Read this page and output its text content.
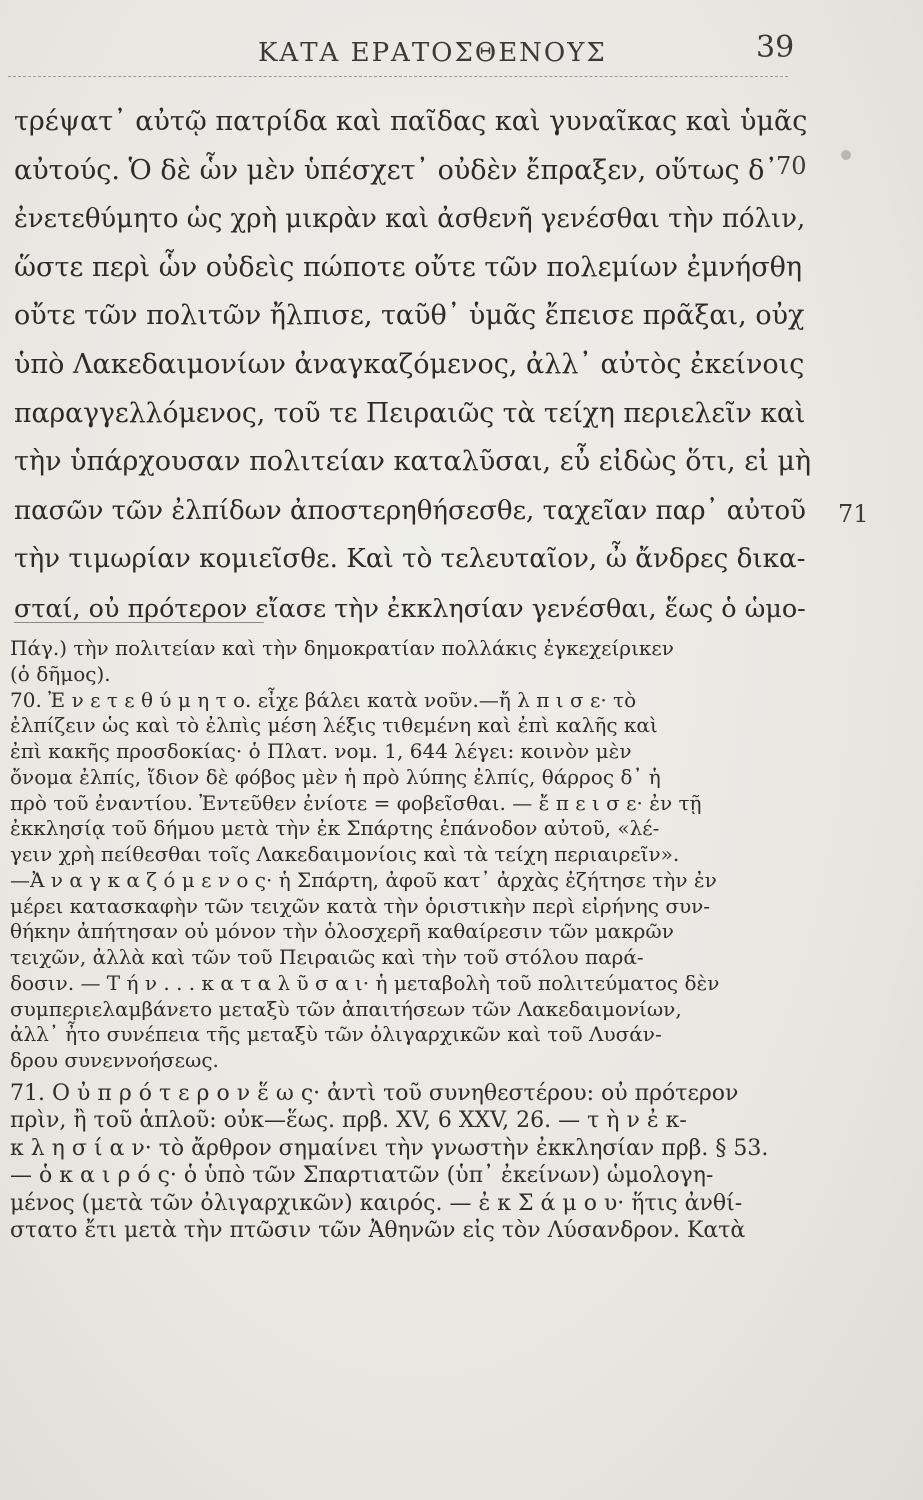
ΚΑΤΑ ΕΡΑΤΟΣΘΕΝΟΥΣ	39
τρέψατ᾽ αὐτῷ πατρίδα καὶ παῖδας καὶ γυναῖκας καὶ ὑμᾶς
αὐτούς. Ὁ δὲ ὧν μὲν ὑπέσχετ᾽ οὐδὲν ἔπραξεν, οὕτως δ᾽
ἐνετεθύμητο ὡς χρὴ μικρὰν καὶ ἀσθενῆ γενέσθαι τὴν πόλιν,
ὥστε περὶ ὧν οὐδεὶς πώποτε οὔτε τῶν πολεμίων ἐμνήσθη
οὔτε τῶν πολιτῶν ἤλπισε, ταῦθ᾽ ὑμᾶς ἔπεισε πρᾶξαι, οὐχ
ὑπὸ Λακεδαιμονίων ἀναγκαζόμενος, ἀλλ᾽ αὐτὸς ἐκείνοις
παραγγελλόμενος, τοῦ τε Πειραιῶς τὰ τείχη περιελεῖν καὶ
τὴν ὑπάρχουσαν πολιτείαν καταλῦσαι, εὖ εἰδὼς ὅτι, εἰ μὴ
πασῶν τῶν ἐλπίδων ἀποστερηθήσεσθε, ταχεῖαν παρ᾽ αὐτοῦ
τὴν τιμωρίαν κομιεῖσθε. Καὶ τὸ τελευταῖον, ὦ ἄνδρες δικα-
σταί, οὐ πρότερον εἴασε τὴν ἐκκλησίαν γενέσθαι, ἕως ὁ ὡμο-
70
71
Πάγ.) τὴν πολιτείαν καὶ τὴν δημοκρατίαν πολλάκις ἐγκεχείρικεν
(ὁ δῆμος).
70. Ἐ ν ε τ ε θ ύ μ η τ ο. εἶχε βάλει κατὰ νοῦν.—ἤ λ π ι σ ε· τὸ
ἐλπίζειν ὡς καὶ τὸ ἐλπὶς μέση λέξις τιθεμένη καὶ ἐπὶ καλῆς καὶ
ἐπὶ κακῆς προσδοκίας· ὁ Πλατ. νομ. 1, 644 λέγει: κοινὸν μὲν
ὄνομα ἐλπίς, ἴδιον δὲ φόβος μὲν ἡ πρὸ λύπης ἐλπίς, θάρρος δ᾽ ἡ
πρὸ τοῦ ἐναντίου. Ἐντεῦθεν ἐνίοτε = φοβεῖσθαι. — ἔ π ε ι σ ε· ἐν τῇ
ἐκκλησίᾳ τοῦ δήμου μετὰ τὴν ἐκ Σπάρτης ἐπάνοδον αὐτοῦ, «λέ-
γειν χρὴ πείθεσθαι τοῖς Λακεδαιμονίοις καὶ τὰ τείχη περιαιρεῖν».
—Ἀ ν α γ κ α ζ ό μ ε ν ο ς· ἡ Σπάρτη, ἀφοῦ κατ᾽ ἀρχὰς ἐζήτησε τὴν ἐν
μέρει κατασκαφὴν τῶν τειχῶν κατὰ τὴν ὁριστικὴν περὶ εἰρήνης συν-
θήκην ἀπήτησαν οὐ μόνον τὴν ὁλοσχερῆ καθαίρεσιν τῶν μακρῶν
τειχῶν, ἀλλὰ καὶ τῶν τοῦ Πειραιῶς καὶ τὴν τοῦ στόλου παρά-
δοσιν. — Τ ή ν . . . κ α τ α λ ῦ σ α ι· ἡ μεταβολὴ τοῦ πολιτεύματος δὲν
συμπεριελαμβάνετο μεταξὺ τῶν ἀπαιτήσεων τῶν Λακεδαιμονίων,
ἀλλ᾽ ἦτο συνέπεια τῆς μεταξὺ τῶν ὀλιγαρχικῶν καὶ τοῦ Λυσάν-
δρου συνεννοήσεως.
71. Ο ὐ π ρ ό τ ε ρ ο ν ἕ ω ς· ἀντὶ τοῦ συνηθεστέρου: οὐ πρότερον
πρὶν, ἢ τοῦ ἁπλοῦ: οὐκ—ἕως. πρβ. XV, 6 XXV, 26. — τ ὴ ν ἐ κ-
κ λ η σ ί α ν· τὸ ἄρθρον σημαίνει τὴν γνωστὴν ἐκκλησίαν πρβ. § 53.
— ὁ κ α ι ρ ό ς· ὁ ὑπὸ τῶν Σπαρτιατῶν (ὑπ᾽ ἐκείνων) ὡμολογη-
μένος (μετὰ τῶν ὀλιγαρχικῶν) καιρός. — ἐ κ Σ ά μ ο υ· ἥτις ἀνθί-
στατο ἔτι μετὰ τὴν πτῶσιν τῶν Ἀθηνῶν εἰς τὸν Λύσανδρον. Κατὰ
